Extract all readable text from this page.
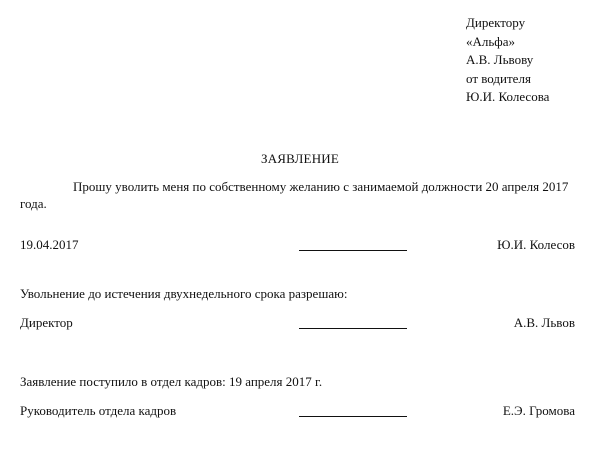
Директору
«Альфа»
А.В. Львову
от водителя
Ю.И. Колесова
ЗАЯВЛЕНИЕ
Прошу уволить меня по собственному желанию с занимаемой должности 20 апреля 2017 года.
19.04.2017	Ю.И. Колесов
Увольнение до истечения двухнедельного срока разрешаю:
Директор	А.В. Львов
Заявление поступило в отдел кадров: 19 апреля 2017 г.
Руководитель отдела кадров	Е.Э. Громова
